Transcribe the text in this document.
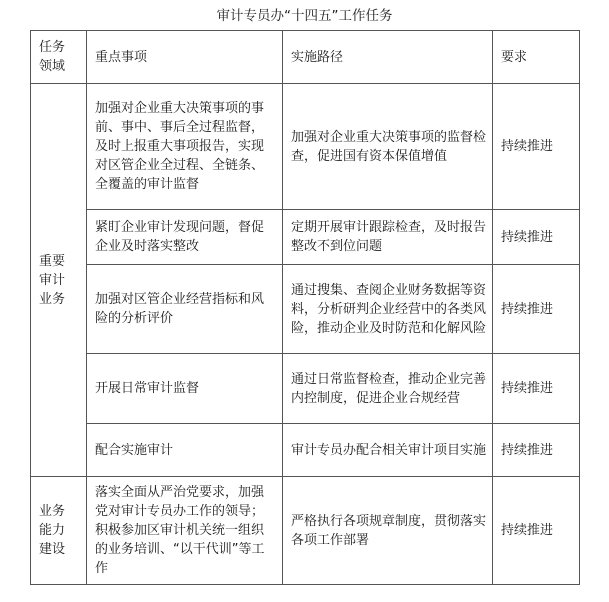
审计专员办“十四五”工作任务
任务
领域	重点事项	实施路径	要求
重要
审计
业务	加强对企业重大决策事项的事前、事中、事后全过程监督，及时上报重大事项报告，实现对区管企业全过程、全链条、全覆盖的审计监督	加强对企业重大决策事项的监督检查，促进国有资本保值增值	持续推进
	紧盯企业审计发现问题，督促企业及时落实整改	定期开展审计跟踪检查，及时报告整改不到位问题	持续推进
	加强对区管企业经营指标和风险的分析评价	通过搜集、查阅企业财务数据等资料，分析研判企业经营中的各类风险，推动企业及时防范和化解风险	持续推进
	开展日常审计监督	通过日常监督检查，推动企业完善内控制度，促进企业合规经营	持续推进
	配合实施审计	审计专员办配合相关审计项目实施	持续推进
业务
能力
建设	落实全面从严治党要求，加强党对审计专员办工作的领导；积极参加区审计机关统一组织的业务培训、“以干代训”等工作	严格执行各项规章制度，贯彻落实各项工作部署	持续推进
